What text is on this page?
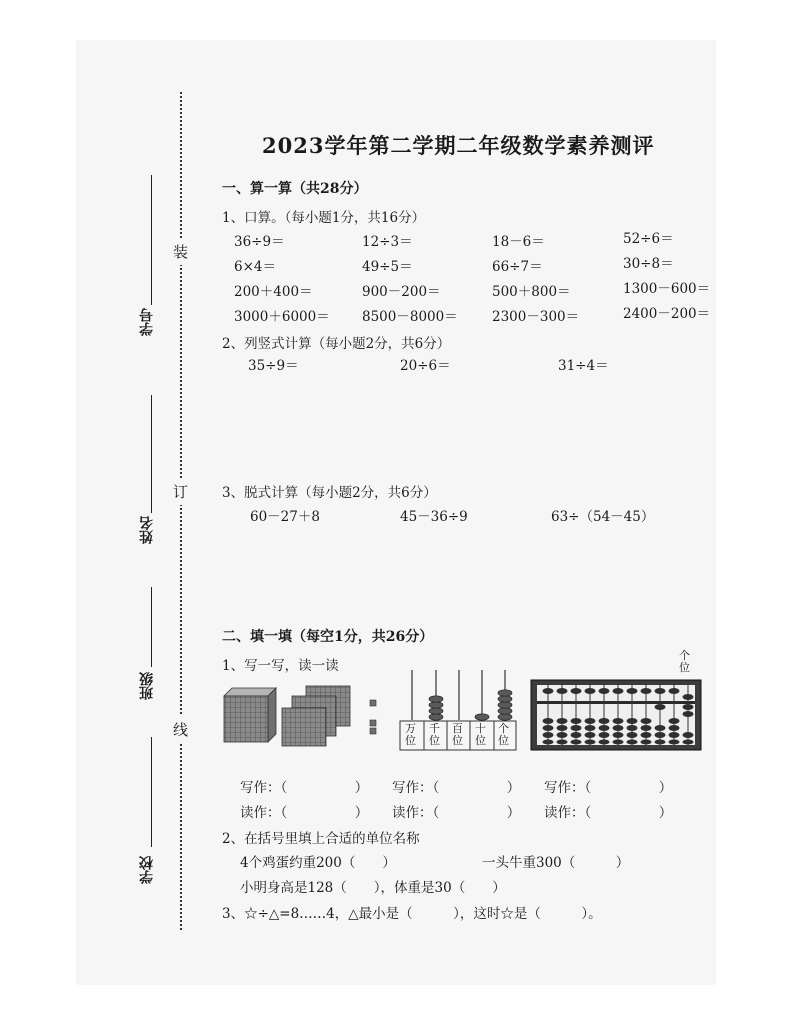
装
订
线
学号
姓名
班级
学校
2023学年第二学期二年级数学素养测评
一、算一算（共28分）
1、口算。（每小题1分，共16分）
36÷9＝	12÷3＝	18－6＝	52÷6＝
6×4＝	49÷5＝	66÷7＝	30÷8＝
200＋400＝	900－200＝	500＋800＝	1300－600＝
3000＋6000＝ 8500－8000＝	2300－300＝	2400－200＝
2、列竖式计算（每小题2分，共6分）
35÷9＝	20÷6＝	31÷4＝
3、脱式计算（每小题2分，共6分）
60－27＋8	45－36÷9	63÷（54－45）
二、填一填（每空1分，共26分）
1、写一写，读一读
万位
千位
百位
十位
个位
个位
写作：（　　　　　） 写作：（　　　　　） 写作：（　　　　　）
读作：（　　　　　） 读作：（　　　　　） 读作：（　　　　　）
2、在括号里填上合适的单位名称
4个鸡蛋约重200（　　）	一头牛重300（　　　）
小明身高是128（　　），体重是30（　　）
3、☆÷△=8……4，△最小是（　　　），这时☆是（　　　）。
